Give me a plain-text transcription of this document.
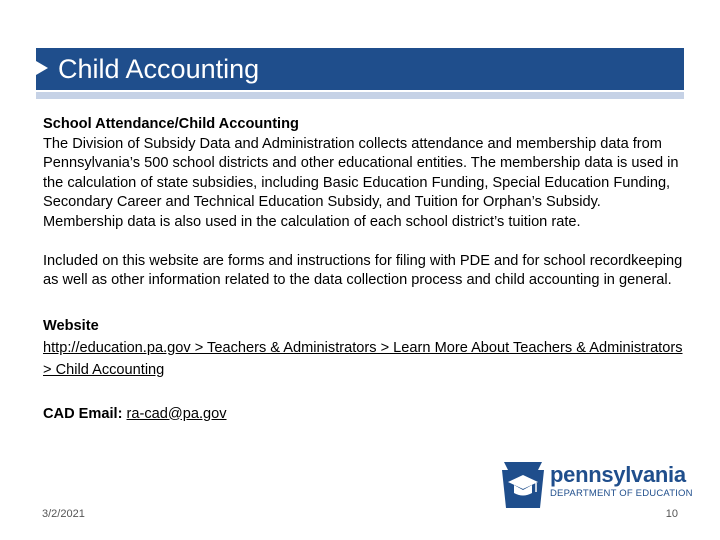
Child Accounting

School Attendance/Child Accounting

The Division of Subsidy Data and Administration collects attendance and membership data from Pennsylvania’s 500 school districts and other educational entities. The membership data is used in the calculation of state subsidies, including Basic Education Funding, Special Education Funding, Secondary Career and Technical Education Subsidy, and Tuition for Orphan’s Subsidy. Membership data is also used in the calculation of each school district’s tuition rate.

Included on this website are forms and instructions for filing with PDE and for school recordkeeping as well as other information related to the data collection process and child accounting in general.

Website

http://education.pa.gov > Teachers & Administrators > Learn More About Teachers & Administrators > Child Accounting

CAD Email: ra-cad@pa.gov

pennsylvania
DEPARTMENT OF EDUCATION
3/2/2021	10
